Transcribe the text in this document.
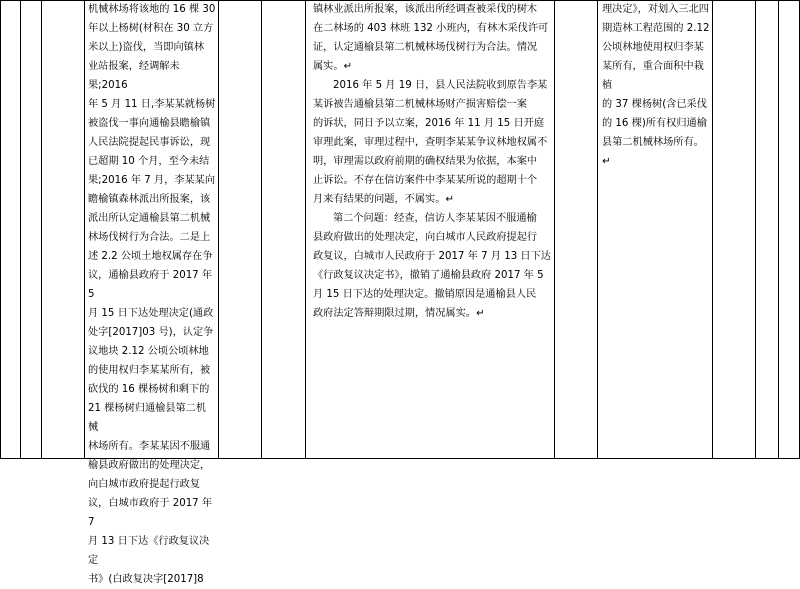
机械林场将该地的 16 棵 30

年以上杨树(材积在 30 立方

米以上)盗伐，当即向镇林

业站报案，经调解未果;2016

年 5 月 11 日,李某某就杨树

被盗伐一事向通榆县瞻榆镇

人民法院提起民事诉讼，现

已超期 10 个月，至今未结

果;2016 年 7 月，李某某向

瞻榆镇森林派出所报案，该

派出所认定通榆县第二机械

林场伐树行为合法。二是上

述 2.2 公顷土地权属存在争

议，通榆县政府于 2017 年 5

月 15 日下达处理决定(通政

处字[2017]03 号)，认定争

议地块 2.12 公顷公顷林地

的使用权归李某某所有，被

砍伐的 16 棵杨树和剩下的

21 棵杨树归通榆县第二机械

林场所有。李某某因不服通

榆县政府做出的处理决定，

向白城市政府提起行政复

议，白城市政府于 2017 年 7

月 13 日下达《行政复议决定

书》(白政复决字[2017]8

镇林业派出所报案，该派出所经调查被采伐的树木

在二林场的 403 林班 132 小班内，有林木采伐许可

证，认定通榆县第二机械林场伐树行为合法。情况

属实。↵

2016 年 5 月 19 日，县人民法院收到原告李某

某诉被告通榆县第二机械林场财产损害赔偿一案

的诉状，同日予以立案，2016 年 11 月 15 日开庭

审理此案，审理过程中，查明李某某争议林地权属不

明，审理需以政府前期的确权结果为依据，本案中

止诉讼。不存在信访案件中李某某所说的超期十个

月来有结果的问题，不属实。↵

第二个问题：经查，信访人李某某因不服通榆

县政府做出的处理决定，向白城市人民政府提起行

政复议，白城市人民政府于 2017 年 7 月 13 日下达

《行政复议决定书》，撤销了通榆县政府 2017 年 5

月 15 日下达的处理决定。撤销原因是通榆县人民

政府法定答辩期限过期，情况属实。↵

理决定》，对划入三北四

期造林工程范围的 2.12

公顷林地使用权归李某

某所有，重合面积中栽植

的 37 棵杨树(含已采伐

的 16 棵)所有权归通榆

县第二机械林场所有。↵
